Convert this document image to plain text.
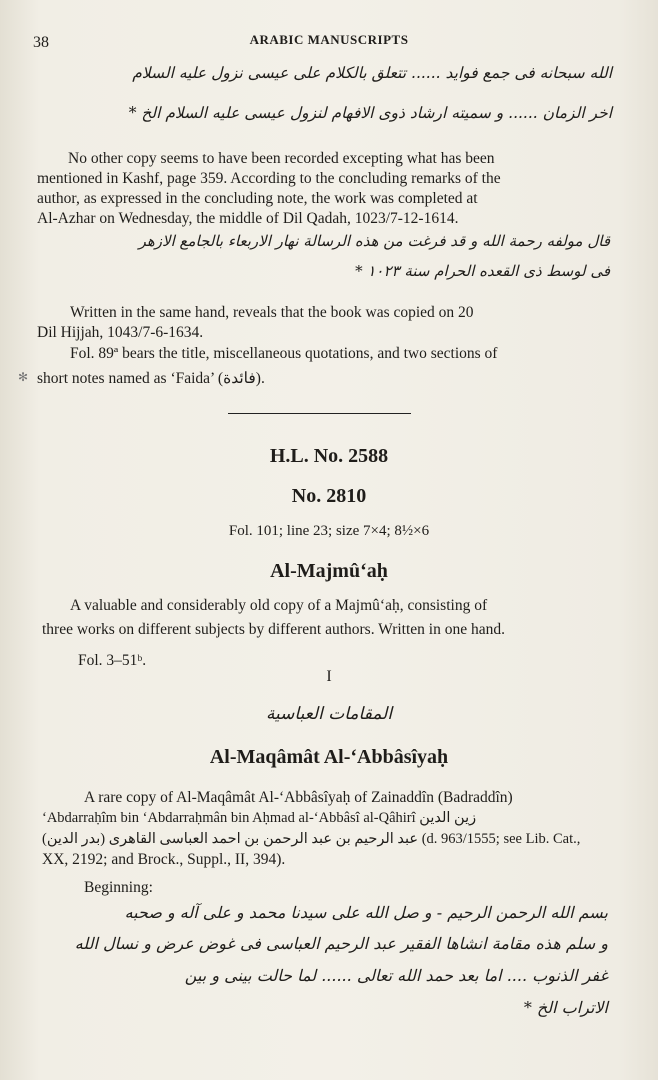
38	ARABIC MANUSCRIPTS
الله سبحانه فى جمع فوايد ...... تتعلق بالكلام على عيسى نزول عليه السلام
اخر الزمان ...... و سميته ارشاد ذوى الافهام لنزول عيسى عليه السلام الخ *
No other copy seems to have been recorded excepting what has been
mentioned in Kashf, page 359. According to the concluding remarks of the
author, as expressed in the concluding note, the work was completed at
Al-Azhar on Wednesday, the middle of Dil Qadah, 1023/7-12-1614.
قال مولفه رحمة الله و قد فرغت من هذه الرسالة نهار الاربعاء بالجامع الازهر
فى لوسط ذى القعده الحرام سنة ١٠٢٣ *
Written in the same hand, reveals that the book was copied on 20
Dil Hijjah, 1043/7-6-1634.
Fol. 89ª bears the title, miscellaneous quotations, and two sections of
short notes named as ‘Faida’ (فائدة).
✻
H.L. No. 2588
No. 2810
Fol. 101; line 23; size 7×4; 8½×6
Al-Majmû‘aḥ
A valuable and considerably old copy of a Majmû‘aḥ, consisting of
three works on different subjects by different authors. Written in one hand.
Fol. 3–51ᵇ.
I
المقامات العباسية
Al-Maqâmât Al-‘Abbâsîyaḥ
A rare copy of Al-Maqâmât Al-‘Abbâsîyaḥ of Zainaddîn (Badraddîn)
‘Abdarraḥîm bin ‘Abdarraḥmân bin Aḥmad al-‘Abbâsî al-Qâhirî زين الدين
(بدر الدين) عبد الرحيم بن عبد الرحمن بن احمد العباسى القاهرى (d. 963/1555; see Lib. Cat.,
XX, 2192; and Brock., Suppl., II, 394).
Beginning:
بسم الله الرحمن الرحيم - و صل الله على سيدنا محمد و على آله و صحبه
و سلم هذه مقامة انشاها الفقير عبد الرحيم العباسى فى غوض عرض و نسال الله
غفر الذنوب .... اما بعد حمد الله تعالى ...... لما حالت بينى و بين
الاتراب الخ *
